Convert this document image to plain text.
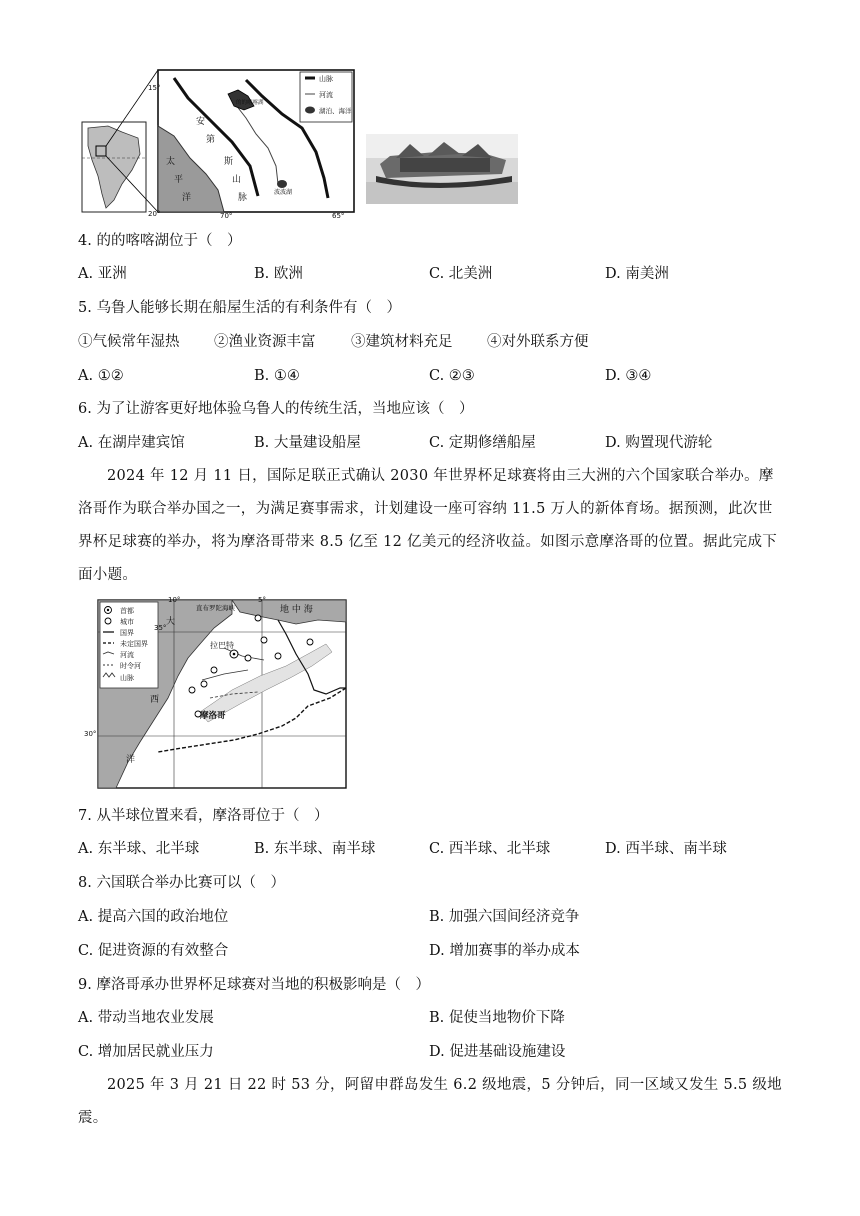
山脉
河流
湖泊、海洋
15°
20°	70°	65°
的的喀喀湖
波波湖
安
第
斯
山
脉
太
平
洋
4. 的的喀喀湖位于（　）
A. 亚洲	B. 欧洲	C. 北美洲	D. 南美洲
5. 乌鲁人能够长期在船屋生活的有利条件有（　）
①气候常年湿热 ②渔业资源丰富 ③建筑材料充足 ④对外联系方便
A. ①②	B. ①④	C. ②③	D. ③④
6. 为了让游客更好地体验乌鲁人的传统生活，当地应该（　）
A. 在湖岸建宾馆	B. 大量建设船屋	C. 定期修缮船屋	D. 购置现代游轮
2024 年 12 月 11 日，国际足联正式确认 2030 年世界杯足球赛将由三大洲的六个国家联合举办。摩洛哥作为联合举办国之一，为满足赛事需求，计划建设一座可容纳 11.5 万人的新体育场。据预测，此次世界杯足球赛的举办，将为摩洛哥带来 8.5 亿至 12 亿美元的经济收益。如图示意摩洛哥的位置。据此完成下面小题。
首都
城市
国界
未定国界
河流
时令河
山脉
10°	5°
35°
30°
直布罗陀海峡	地 中 海
拉巴特
摩洛哥
大
西
洋
7. 从半球位置来看，摩洛哥位于（　）
A. 东半球、北半球	B. 东半球、南半球	C. 西半球、北半球	D. 西半球、南半球
8. 六国联合举办比赛可以（　）
A. 提高六国的政治地位	B. 加强六国间经济竞争
C. 促进资源的有效整合	D. 增加赛事的举办成本
9. 摩洛哥承办世界杯足球赛对当地的积极影响是（　）
A. 带动当地农业发展	B. 促使当地物价下降
C. 增加居民就业压力	D. 促进基础设施建设
2025 年 3 月 21 日 22 时 53 分，阿留申群岛发生 6.2 级地震，5 分钟后，同一区域又发生 5.5 级地震。
